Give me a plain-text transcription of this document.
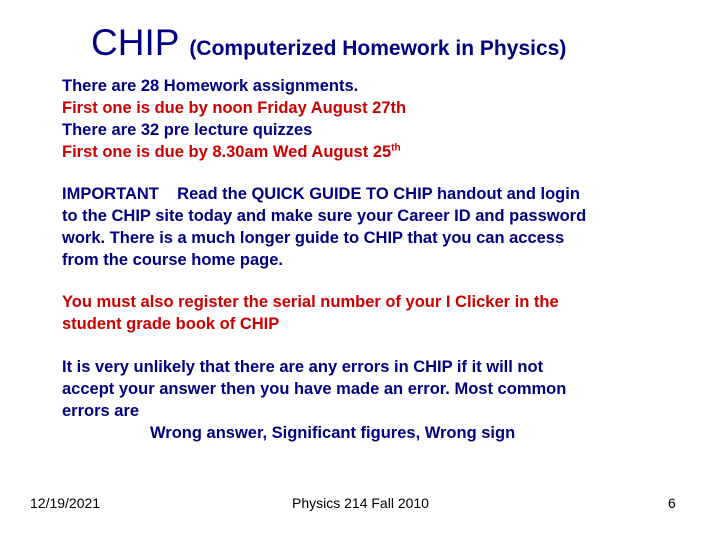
CHIP (Computerized Homework in Physics)
There are 28 Homework assignments.
First one is due by noon Friday August 27th
There are 32 pre lecture quizzes
First one is due by 8.30am Wed August 25th
IMPORTANT    Read the QUICK GUIDE TO CHIP handout and login
to the CHIP site today and make sure your Career ID and password
work. There is a much longer guide to CHIP that you can access
from the course home page.
You must also register the serial number of your I Clicker in the
student grade book of CHIP
It is very unlikely that there are any errors in CHIP if it will not
accept your answer then you have made an error. Most common
errors are
Wrong answer, Significant figures, Wrong sign
12/19/2021	Physics 214 Fall 2010	6
